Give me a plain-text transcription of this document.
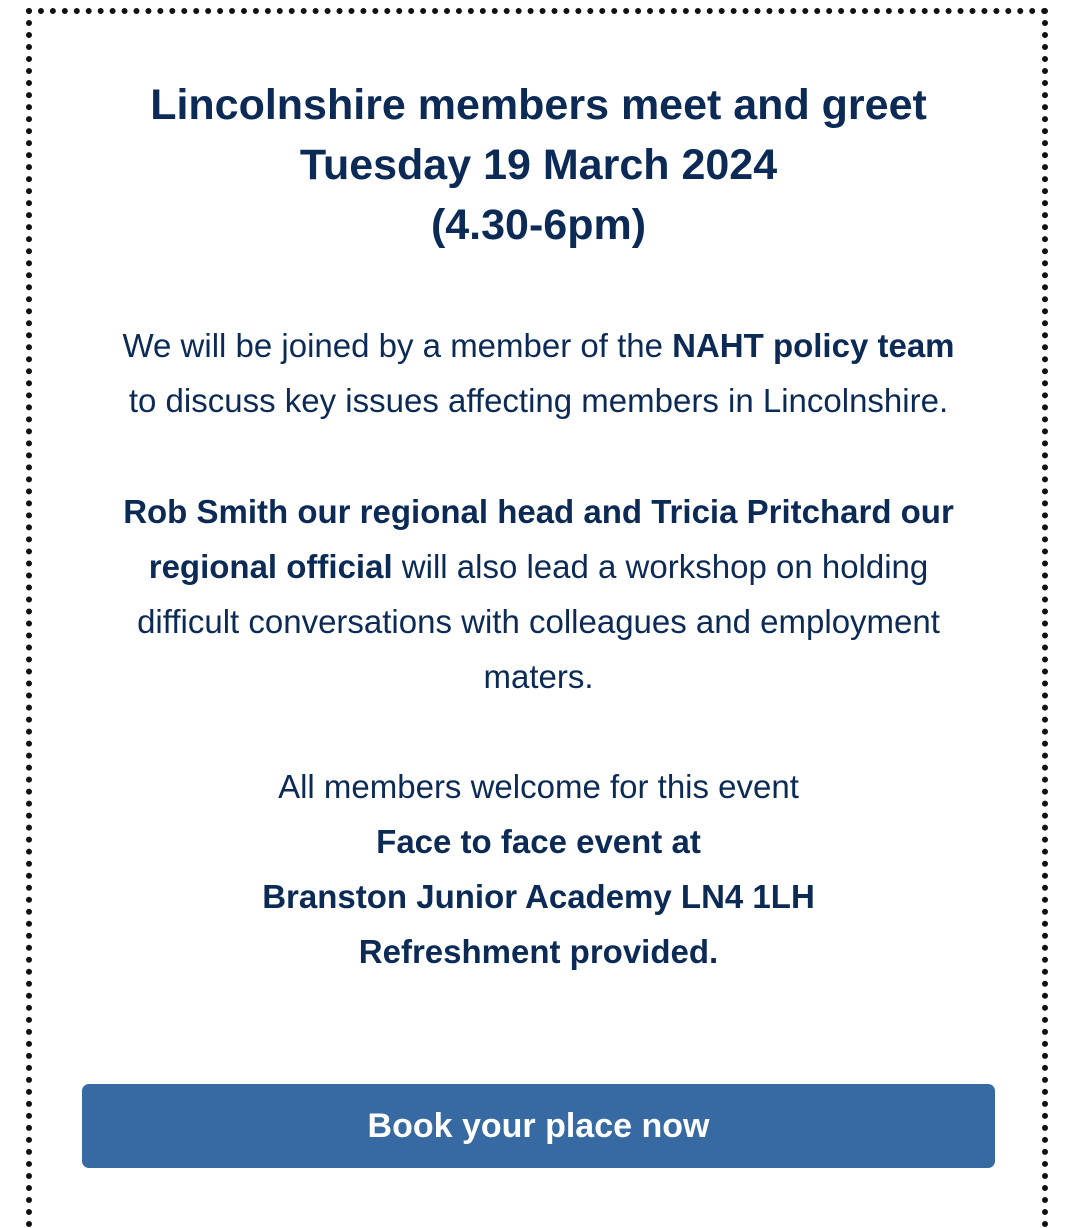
Lincolnshire members meet and greet
Tuesday 19 March 2024
(4.30-6pm)
We will be joined by a member of the NAHT policy team
to discuss key issues affecting members in Lincolnshire.
Rob Smith our regional head and Tricia Pritchard our
regional official will also lead a workshop on holding
difficult conversations with colleagues and employment
maters.
All members welcome for this event
Face to face event at
Branston Junior Academy LN4 1LH
Refreshment provided.
Book your place now
